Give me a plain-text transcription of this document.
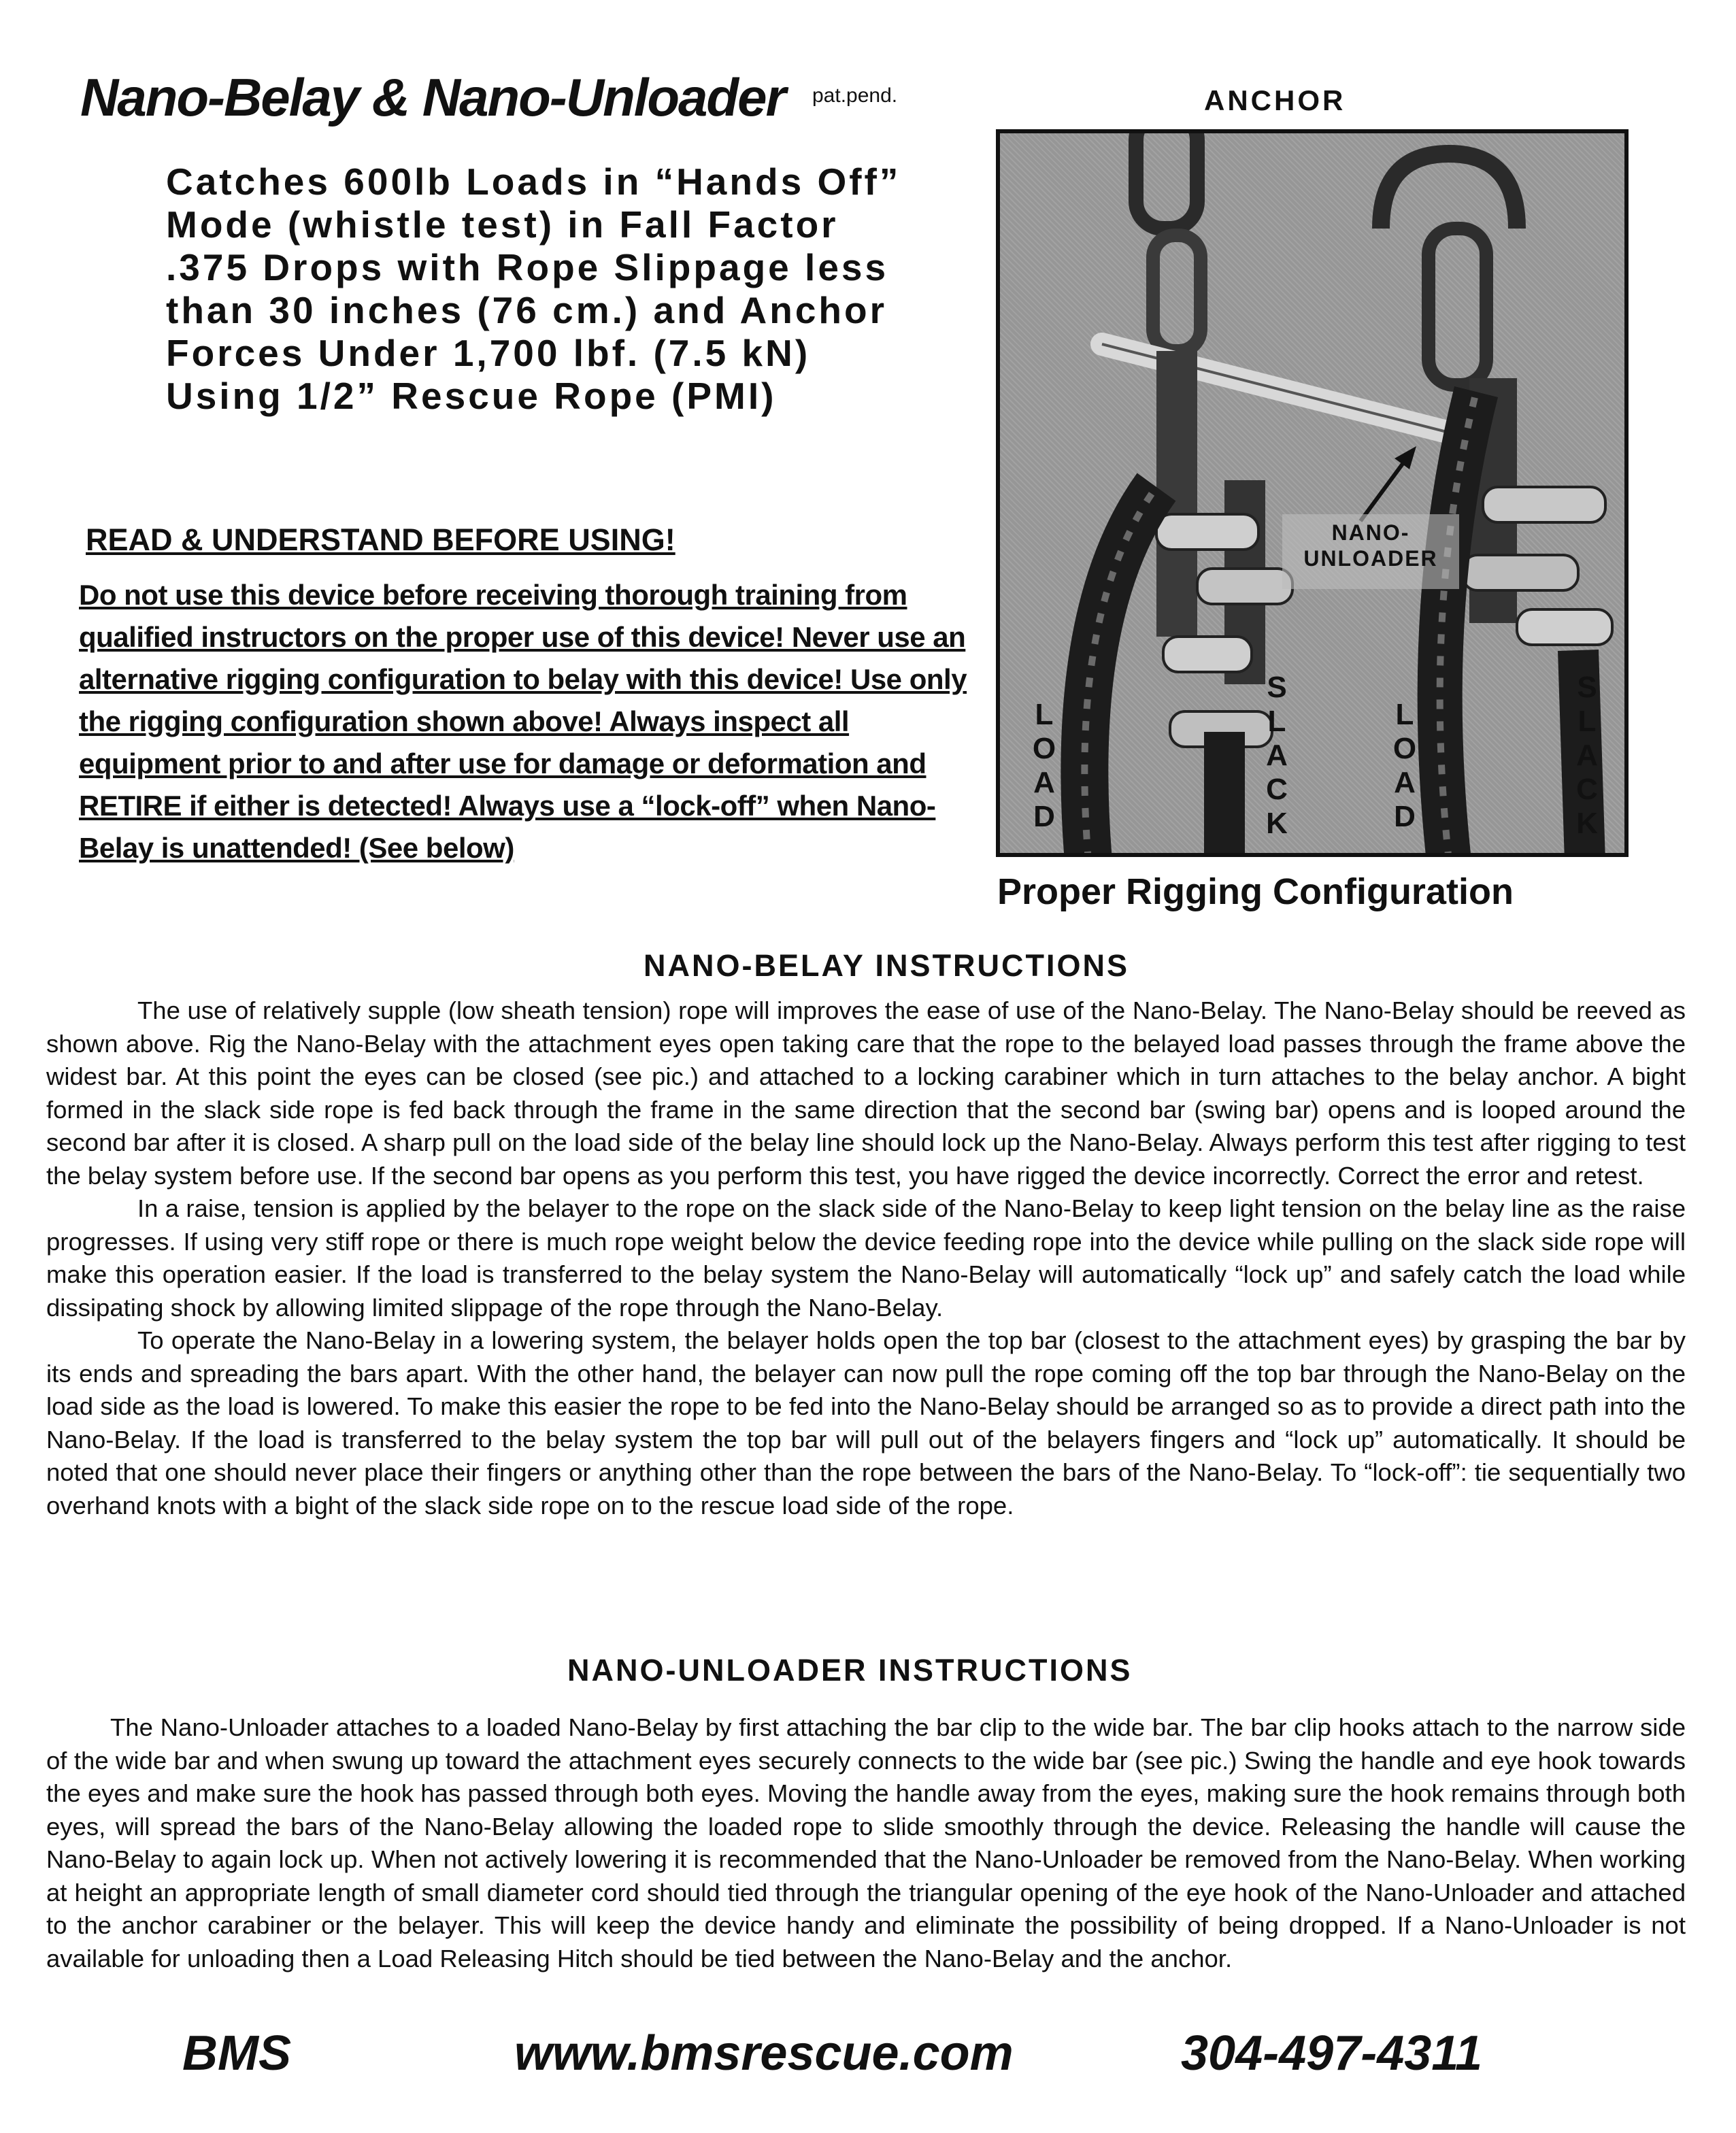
Nano-Belay & Nano-Unloader	pat.pend.
Catches 600lb Loads in “Hands Off” Mode (whistle test) in Fall Factor .375 Drops with Rope Slippage less than 30 inches (76 cm.) and Anchor Forces Under 1,700 lbf. (7.5 kN) Using 1/2” Rescue Rope (PMI)
READ & UNDERSTAND BEFORE USING!
Do not use this device before receiving thorough training from qualified instructors on the proper use of this device! Never use an alternative rigging configuration to belay with this device! Use only the rigging configuration shown above! Always inspect all equipment prior to and after use for damage or deformation and RETIRE if either is detected! Always use a “lock-off” when Nano-Belay is unattended! (See below)
ANCHOR
NANO-
UNLOADER
L
O
A
D
S
L
A
C
K
L
O
A
D
S
L
A
C
K
Proper Rigging Configuration
NANO-BELAY INSTRUCTIONS

The use of relatively supple (low sheath tension) rope will improves the ease of use of the Nano-Belay. The Nano-Belay should be reeved as shown above. Rig the Nano-Belay with the attachment eyes open taking care that the rope to the belayed load passes through the frame above the widest bar. At this point the eyes can be closed (see pic.) and attached to a locking carabiner which in turn attaches to the belay anchor. A bight formed in the slack side rope is fed back through the frame in the same direction that the second bar (swing bar) opens and is looped around the second bar after it is closed. A sharp pull on the load side of the belay line should lock up the Nano-Belay. Always perform this test after rigging to test the belay system before use. If the second bar opens as you perform this test, you have rigged the device incorrectly. Correct the error and retest.

In a raise, tension is applied by the belayer to the rope on the slack side of the Nano-Belay to keep light tension on the belay line as the raise progresses. If using very stiff rope or there is much rope weight below the device feeding rope into the device while pulling on the slack side rope will make this operation easier. If the load is transferred to the belay system the Nano-Belay will automatically “lock up” and safely catch the load while dissipating shock by allowing limited slippage of the rope through the Nano-Belay.

To operate the Nano-Belay in a lowering system, the belayer holds open the top bar (closest to the attachment eyes) by grasping the bar by its ends and spreading the bars apart. With the other hand, the belayer can now pull the rope coming off the top bar through the Nano-Belay on the load side as the load is lowered. To make this easier the rope to be fed into the Nano-Belay should be arranged so as to provide a direct path into the Nano-Belay. If the load is transferred to the belay system the top bar will pull out of the belayers fingers and “lock up” automatically. It should be noted that one should never place their fingers or anything other than the rope between the bars of the Nano-Belay. To “lock-off”: tie sequentially two overhand knots with a bight of the slack side rope on to the rescue load side of the rope.

NANO-UNLOADER INSTRUCTIONS

The Nano-Unloader attaches to a loaded Nano-Belay by first attaching the bar clip to the wide bar. The bar clip hooks attach to the narrow side of the wide bar and when swung up toward the attachment eyes securely connects to the wide bar (see pic.) Swing the handle and eye hook towards the eyes and make sure the hook has passed through both eyes. Moving the handle away from the eyes, making sure the hook remains through both eyes, will spread the bars of the Nano-Belay allowing the loaded rope to slide smoothly through the device. Releasing the handle will cause the Nano-Belay to again lock up. When not actively lowering it is recommended that the Nano-Unloader be removed from the Nano-Belay. When working at height an appropriate length of small diameter cord should tied through the triangular opening of the eye hook of the Nano-Unloader and attached to the anchor carabiner or the belayer. This will keep the device handy and eliminate the possibility of being dropped. If a Nano-Unloader is not available for unloading then a Load Releasing Hitch should be tied between the Nano-Belay and the anchor.

BMS	www.bmsrescue.com	304-497-4311
